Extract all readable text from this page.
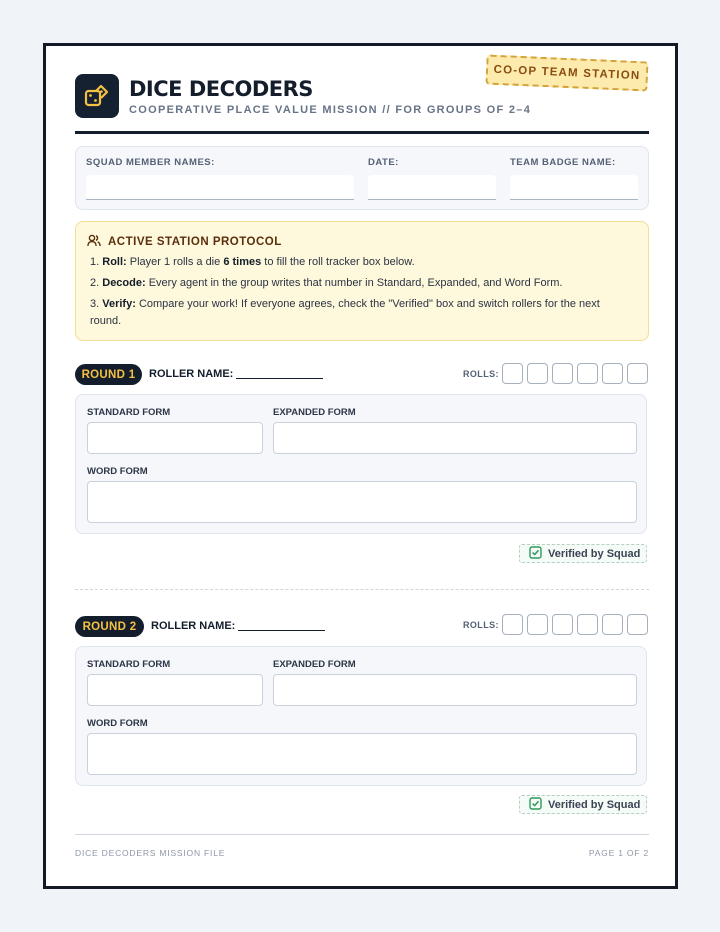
DICE DECODERS
COOPERATIVE PLACE VALUE MISSION // FOR GROUPS OF 2–4
CO-OP TEAM STATION
SQUAD MEMBER NAMES:	DATE:	TEAM BADGE NAME:
ACTIVE STATION PROTOCOL
1. Roll: Player 1 rolls a die 6 times to fill the roll tracker box below.
2. Decode: Every agent in the group writes that number in Standard, Expanded, and Word Form.
3. Verify: Compare your work! If everyone agrees, check the "Verified" box and switch rollers for the next round.
ROUND 1	ROLLER NAME:	ROLLS:
STANDARD FORM	EXPANDED FORM
WORD FORM
Verified by Squad
ROUND 2	ROLLER NAME:	ROLLS:
STANDARD FORM	EXPANDED FORM
WORD FORM
Verified by Squad
DICE DECODERS MISSION FILE	PAGE 1 OF 2
